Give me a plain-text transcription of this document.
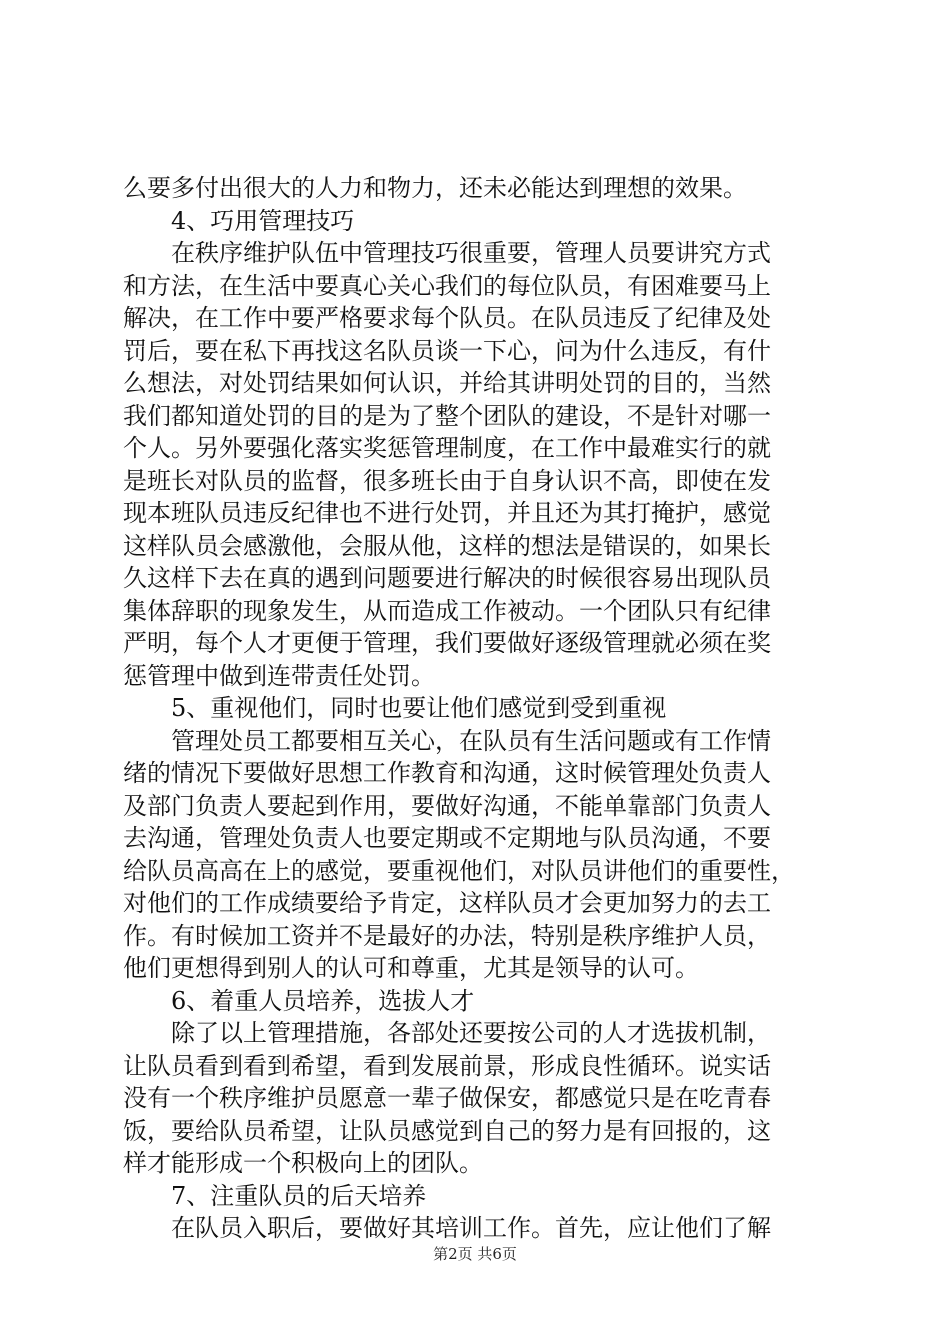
么要多付出很大的人力和物力，还未必能达到理想的效果。
4、巧用管理技巧
在秩序维护队伍中管理技巧很重要，管理人员要讲究方式
和方法，在生活中要真心关心我们的每位队员，有困难要马上
解决，在工作中要严格要求每个队员。在队员违反了纪律及处
罚后，要在私下再找这名队员谈一下心，问为什么违反，有什
么想法，对处罚结果如何认识，并给其讲明处罚的目的，当然
我们都知道处罚的目的是为了整个团队的建设，不是针对哪一
个人。另外要强化落实奖惩管理制度，在工作中最难实行的就
是班长对队员的监督，很多班长由于自身认识不高，即使在发
现本班队员违反纪律也不进行处罚，并且还为其打掩护，感觉
这样队员会感激他，会服从他，这样的想法是错误的，如果长
久这样下去在真的遇到问题要进行解决的时候很容易出现队员
集体辞职的现象发生，从而造成工作被动。一个团队只有纪律
严明，每个人才更便于管理，我们要做好逐级管理就必须在奖
惩管理中做到连带责任处罚。
5、重视他们，同时也要让他们感觉到受到重视
管理处员工都要相互关心，在队员有生活问题或有工作情
绪的情况下要做好思想工作教育和沟通，这时候管理处负责人
及部门负责人要起到作用，要做好沟通，不能单靠部门负责人
去沟通，管理处负责人也要定期或不定期地与队员沟通，不要
给队员高高在上的感觉，要重视他们，对队员讲他们的重要性，
对他们的工作成绩要给予肯定，这样队员才会更加努力的去工
作。有时候加工资并不是最好的办法，特别是秩序维护人员，
他们更想得到别人的认可和尊重，尤其是领导的认可。
6、着重人员培养，选拔人才
除了以上管理措施，各部处还要按公司的人才选拔机制，
让队员看到看到希望，看到发展前景，形成良性循环。说实话
没有一个秩序维护员愿意一辈子做保安，都感觉只是在吃青春
饭，要给队员希望，让队员感觉到自己的努力是有回报的，这
样才能形成一个积极向上的团队。
7、注重队员的后天培养
在队员入职后，要做好其培训工作。首先，应让他们了解
第2页 共6页
